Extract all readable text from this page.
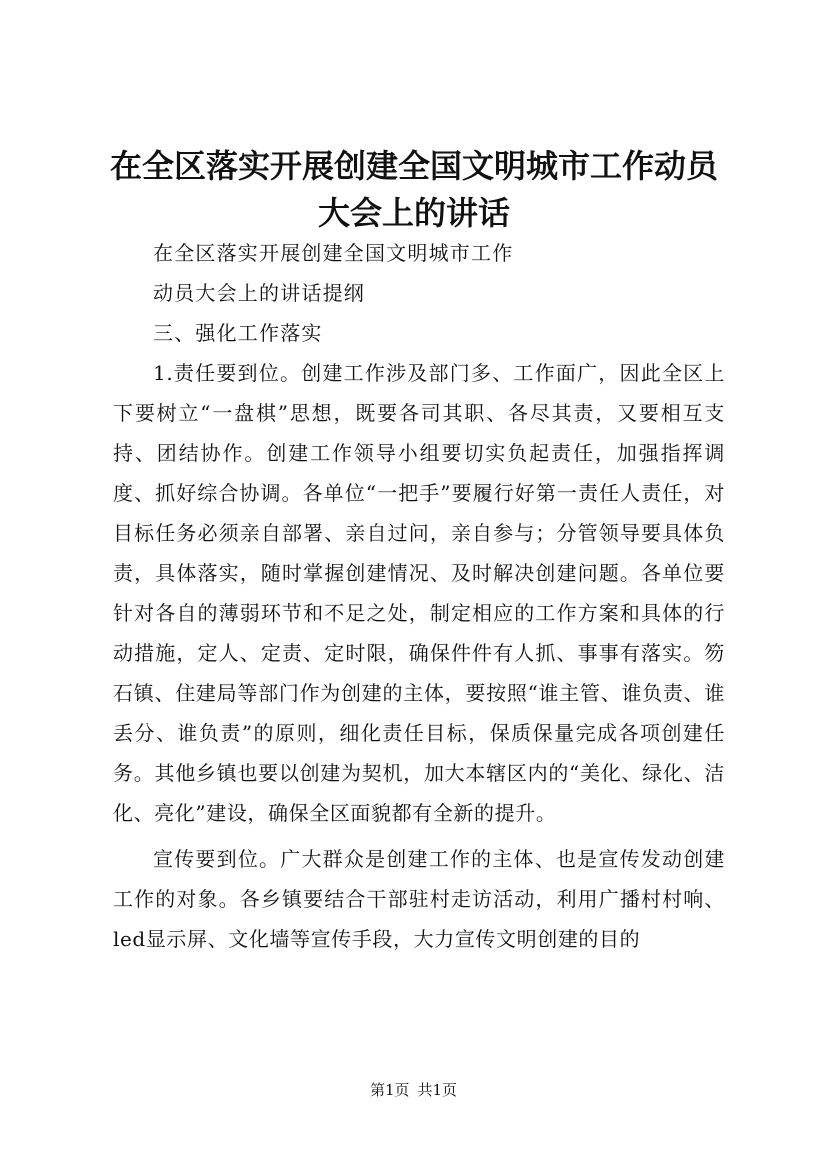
在全区落实开展创建全国文明城市工作动员大会上的讲话

在全区落实开展创建全国文明城市工作

动员大会上的讲话提纲

三、强化工作落实

1.责任要到位。创建工作涉及部门多、工作面广，因此全区上下要树立“一盘棋”思想，既要各司其职、各尽其责，又要相互支持、团结协作。创建工作领导小组要切实负起责任，加强指挥调度、抓好综合协调。各单位“一把手”要履行好第一责任人责任，对目标任务必须亲自部署、亲自过问，亲自参与；分管领导要具体负责，具体落实，随时掌握创建情况、及时解决创建问题。各单位要针对各自的薄弱环节和不足之处，制定相应的工作方案和具体的行动措施，定人、定责、定时限，确保件件有人抓、事事有落实。笏石镇、住建局等部门作为创建的主体，要按照“谁主管、谁负责、谁丢分、谁负责”的原则，细化责任目标，保质保量完成各项创建任务。其他乡镇也要以创建为契机，加大本辖区内的“美化、绿化、洁化、亮化”建设，确保全区面貌都有全新的提升。

宣传要到位。广大群众是创建工作的主体、也是宣传发动创建工作的对象。各乡镇要结合干部驻村走访活动，利用广播村村响、led显示屏、文化墙等宣传手段，大力宣传文明创建的目的

第1页 共1页
